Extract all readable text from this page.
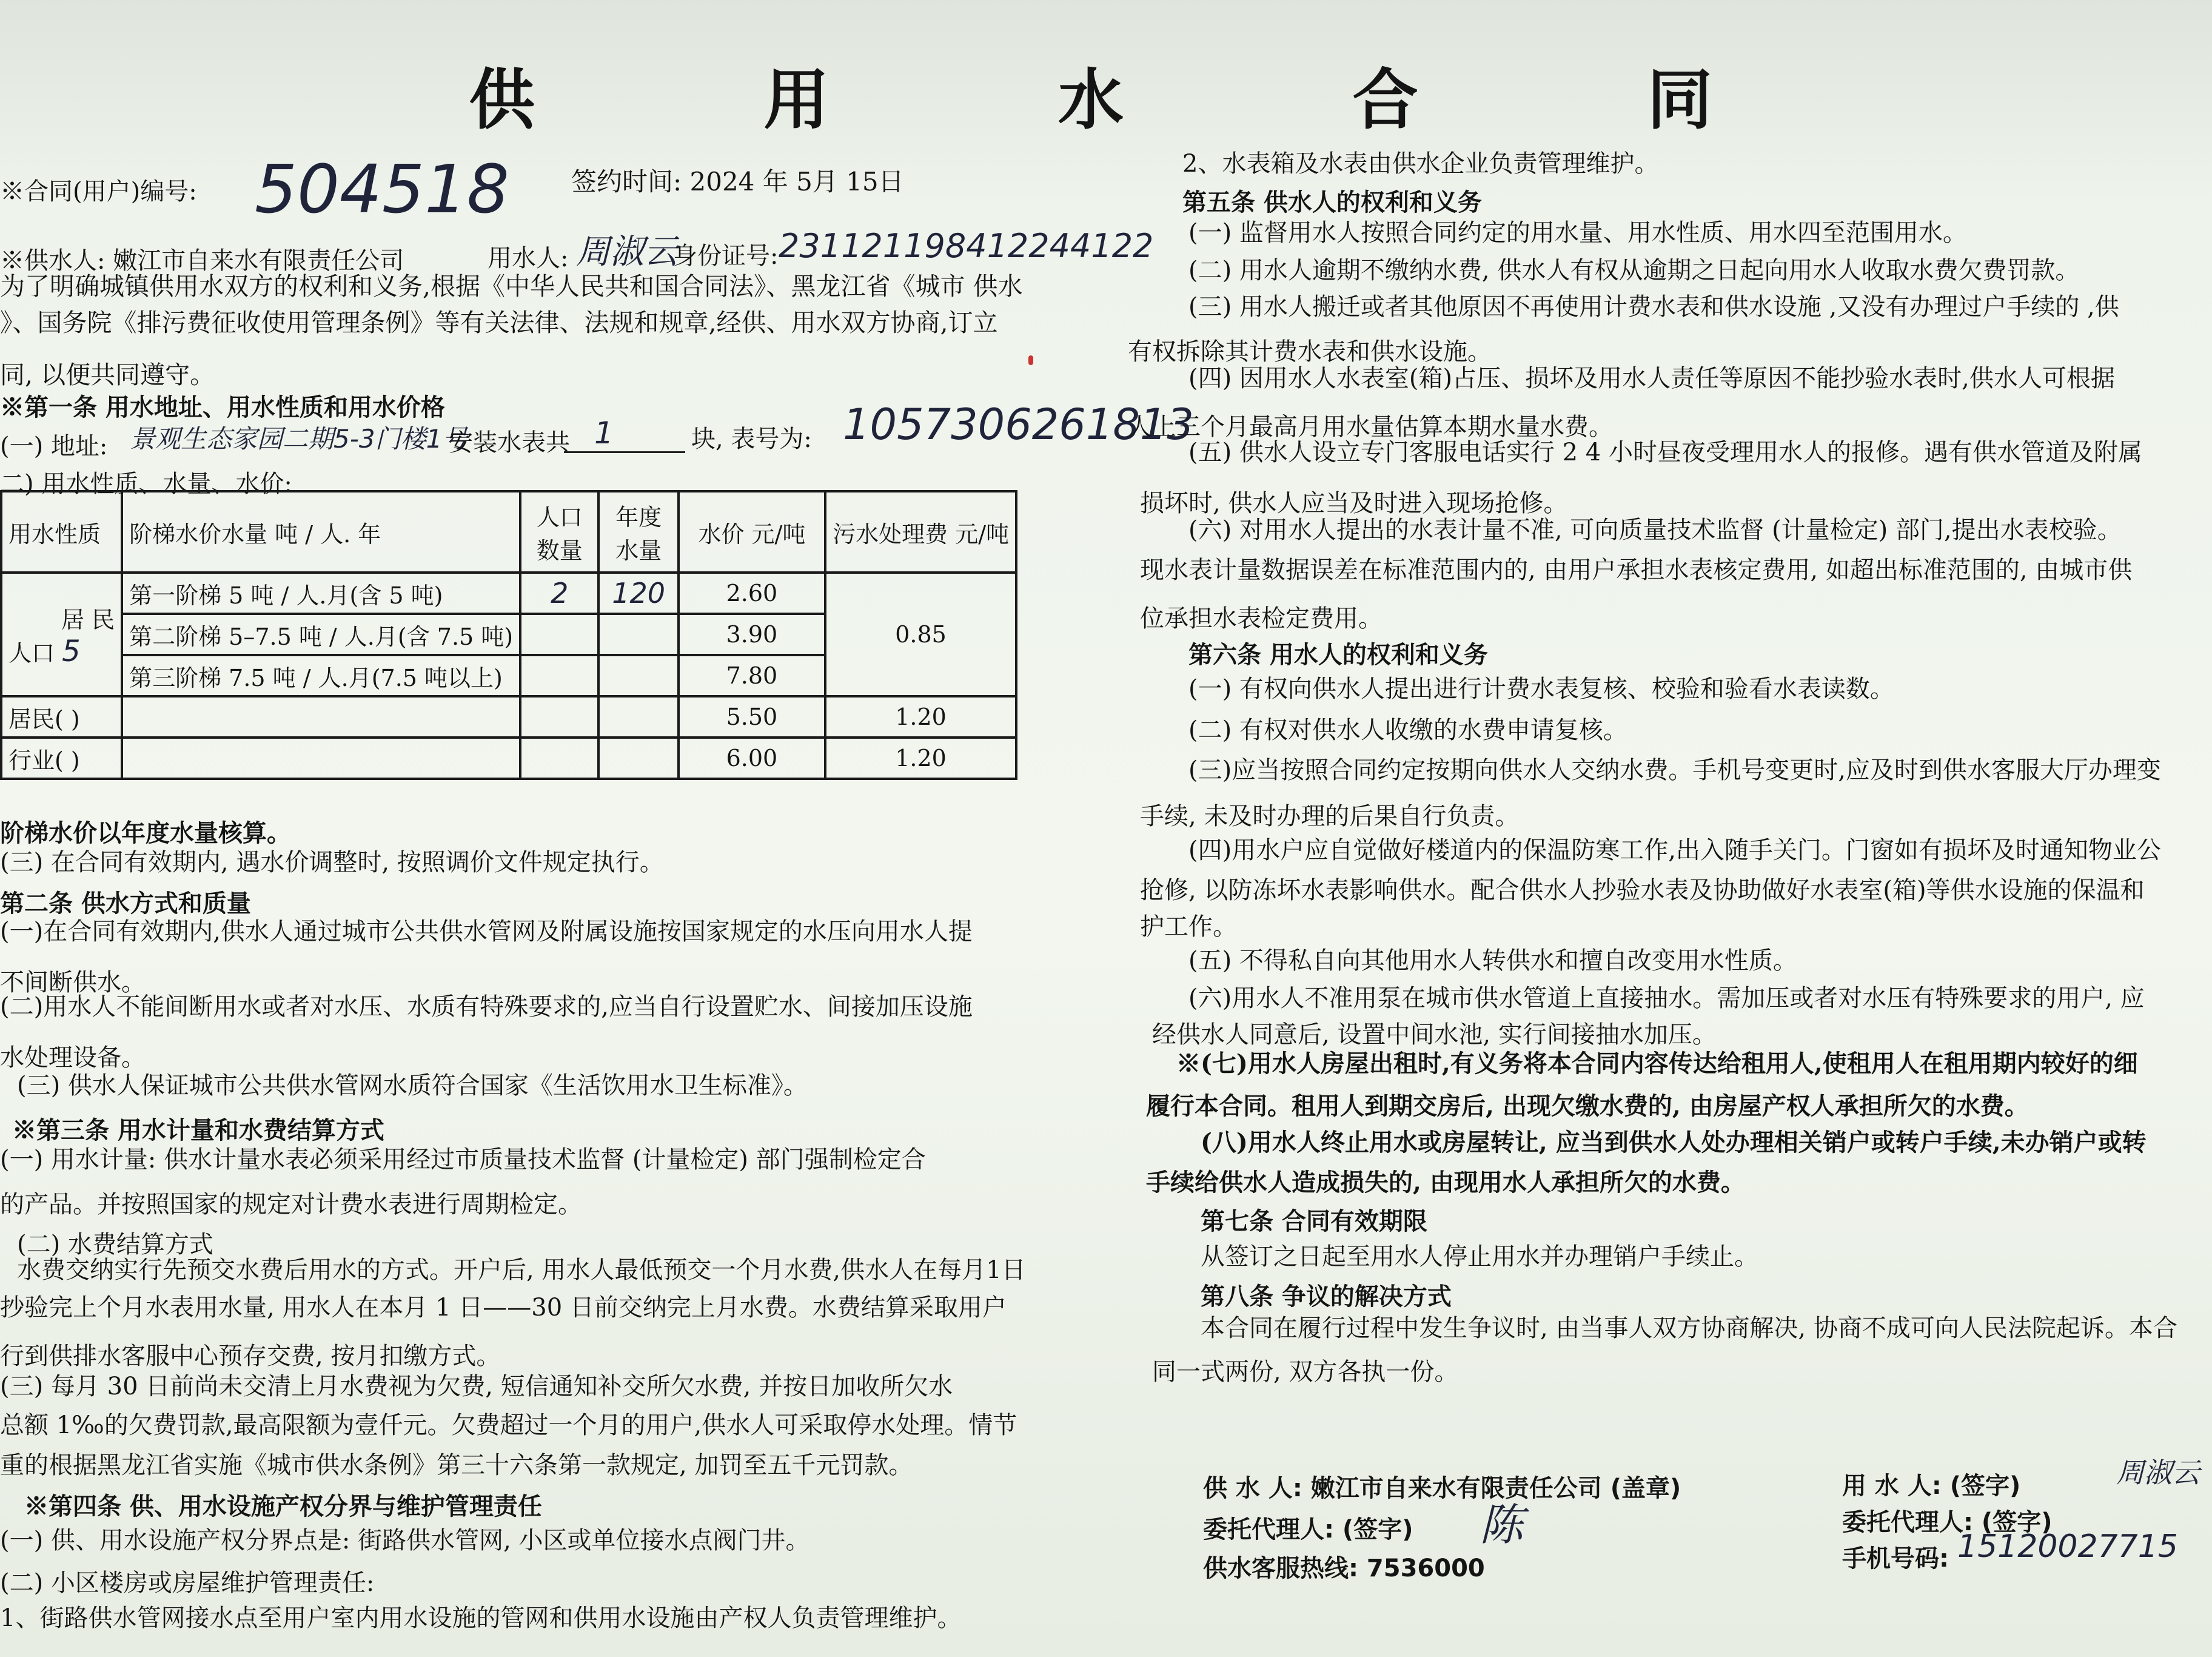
供 用 水 合 同
※合同(用户)编号: 504518 签约时间: 2024 年 5月 15日
※供水人: 嫩江市自来水有限责任公司	用水人: 周淑云
身份证号: 231121198412244122
为了明确城镇供用水双方的权利和义务,根据《中华人民共和国合同法》、黑龙江省《城市 供水
》、国务院《排污费征收使用管理条例》等有关法律、法规和规章,经供、用水双方协商,订立
同, 以便共同遵守。
※第一条 用水地址、用水性质和用水价格
(一) 地址: 景观生态家园二期5-3门楼1号
安装水表共 1	块, 表号为: 1057306261813
二) 用水性质、水量、水价:
用水性质	阶梯水价水量 吨 / 人. 年	人口数量	年度水量	水价 元/吨	污水处理费 元/吨

居 民
人口 5	第一阶梯 5 吨 / 人.月(含 5 吨)	2	120	2.60	0.85
	第二阶梯 5–7.5 吨 / 人.月(含 7.5 吨)			3.90	
	第三阶梯 7.5 吨 / 人.月(7.5 吨以上)			7.80	
居民( )				5.50	1.20
行业( )				6.00	1.20
阶梯水价以年度水量核算。
(三) 在合同有效期内, 遇水价调整时, 按照调价文件规定执行。
第二条 供水方式和质量
(一)在合同有效期内,供水人通过城市公共供水管网及附属设施按国家规定的水压向用水人提
不间断供水。
(二)用水人不能间断用水或者对水压、水质有特殊要求的,应当自行设置贮水、间接加压设施
水处理设备。
(三) 供水人保证城市公共供水管网水质符合国家《生活饮用水卫生标准》。
※第三条 用水计量和水费结算方式
(一) 用水计量: 供水计量水表必须采用经过市质量技术监督 (计量检定) 部门强制检定合
的产品。并按照国家的规定对计费水表进行周期检定。
(二) 水费结算方式
水费交纳实行先预交水费后用水的方式。开户后, 用水人最低预交一个月水费,供水人在每月1日
抄验完上个月水表用水量, 用水人在本月 1 日——30 日前交纳完上月水费。水费结算采取用户
行到供排水客服中心预存交费, 按月扣缴方式。
(三) 每月 30 日前尚未交清上月水费视为欠费, 短信通知补交所欠水费, 并按日加收所欠水
总额 1‰的欠费罚款,最高限额为壹仟元。欠费超过一个月的用户,供水人可采取停水处理。情节
重的根据黑龙江省实施《城市供水条例》第三十六条第一款规定, 加罚至五千元罚款。
※第四条 供、用水设施产权分界与维护管理责任
(一) 供、用水设施产权分界点是: 街路供水管网, 小区或单位接水点阀门井。
(二) 小区楼房或房屋维护管理责任:
1、街路供水管网接水点至用户室内用水设施的管网和供用水设施由产权人负责管理维护。
2、水表箱及水表由供水企业负责管理维护。
第五条 供水人的权利和义务
(一) 监督用水人按照合同约定的用水量、用水性质、用水四至范围用水。
(二) 用水人逾期不缴纳水费, 供水人有权从逾期之日起向用水人收取水费欠费罚款。
(三) 用水人搬迁或者其他原因不再使用计费水表和供水设施 ,又没有办理过户手续的 ,供
有权拆除其计费水表和供水设施。
(四) 因用水人水表室(箱)占压、损坏及用水人责任等原因不能抄验水表时,供水人可根据
人上三个月最高月用水量估算本期水量水费。
(五) 供水人设立专门客服电话实行 2 4 小时昼夜受理用水人的报修。遇有供水管道及附属
损坏时, 供水人应当及时进入现场抢修。
(六) 对用水人提出的水表计量不准, 可向质量技术监督 (计量检定) 部门,提出水表校验。
现水表计量数据误差在标准范围内的, 由用户承担水表核定费用, 如超出标准范围的, 由城市供
位承担水表检定费用。
第六条 用水人的权利和义务
(一) 有权向供水人提出进行计费水表复核、校验和验看水表读数。
(二) 有权对供水人收缴的水费申请复核。
(三)应当按照合同约定按期向供水人交纳水费。手机号变更时,应及时到供水客服大厅办理变
手续, 未及时办理的后果自行负责。
(四)用水户应自觉做好楼道内的保温防寒工作,出入随手关门。门窗如有损坏及时通知物业公
抢修, 以防冻坏水表影响供水。配合供水人抄验水表及协助做好水表室(箱)等供水设施的保温和
护工作。
(五) 不得私自向其他用水人转供水和擅自改变用水性质。
(六)用水人不准用泵在城市供水管道上直接抽水。需加压或者对水压有特殊要求的用户, 应
经供水人同意后, 设置中间水池, 实行间接抽水加压。
※(七)用水人房屋出租时,有义务将本合同内容传达给租用人,使租用人在租用期内较好的细
履行本合同。租用人到期交房后, 出现欠缴水费的, 由房屋产权人承担所欠的水费。
(八)用水人终止用水或房屋转让, 应当到供水人处办理相关销户或转户手续,未办销户或转
手续给供水人造成损失的, 由现用水人承担所欠的水费。
第七条 合同有效期限
从签订之日起至用水人停止用水并办理销户手续止。
第八条 争议的解决方式
本合同在履行过程中发生争议时, 由当事人双方协商解决, 协商不成可向人民法院起诉。本合
同一式两份, 双方各执一份。
供 水 人: 嫩江市自来水有限责任公司 (盖章)
委托代理人: (签字) 陈
供水客服热线: 7536000
用 水 人: (签字)	周淑云
委托代理人: (签字)
手机号码: 15120027715
